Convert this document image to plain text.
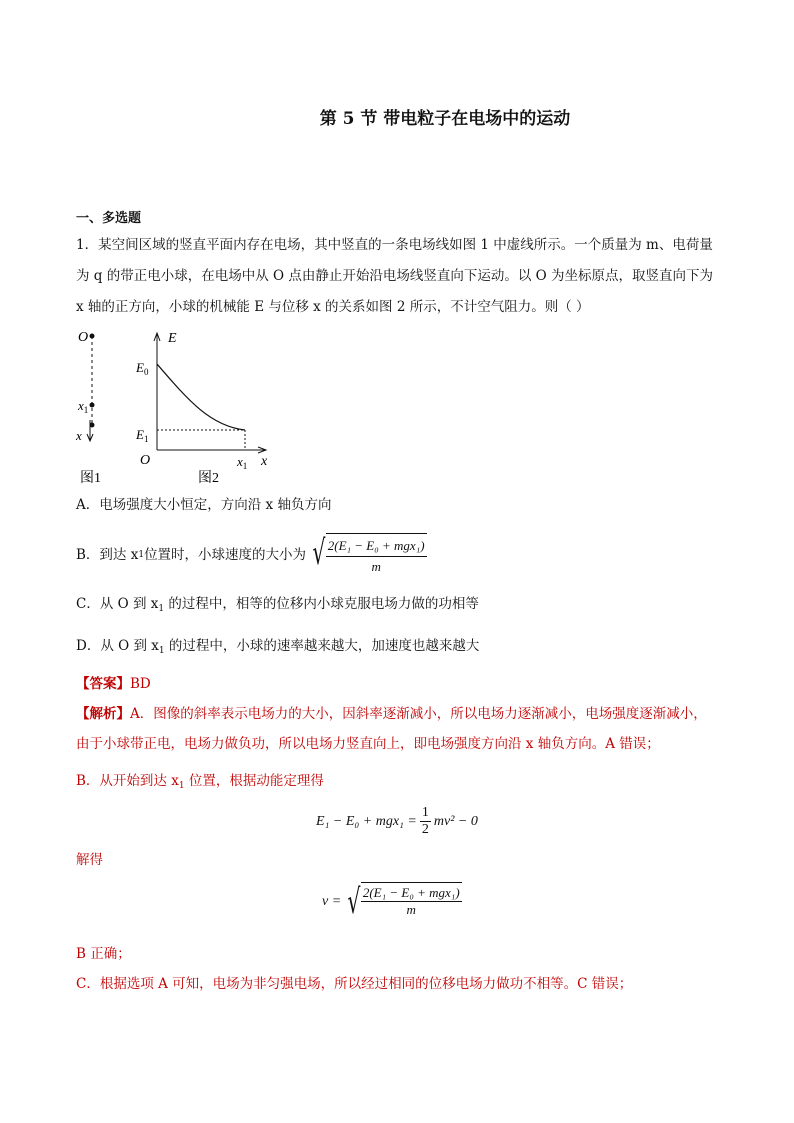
第 5 节 带电粒子在电场中的运动
一、多选题
1．某空间区域的竖直平面内存在电场，其中竖直的一条电场线如图 1 中虚线所示。一个质量为 m、电荷量
为 q 的带正电小球，在电场中从 O 点由静止开始沿电场线竖直向下运动。以 O 为坐标原点，取竖直向下为
x 轴的正方向，小球的机械能 E 与位移 x 的关系如图 2 所示，不计空气阻力。则（ ）
O
$x_1$
x
图1
E
$E_0$
$E_1$
O	$x_1$ x
图2
A．电场强度大小恒定，方向沿 x 轴负方向
B．到达 x 1 位置时，小球速度的大小为 √ $\frac{\text{2(E₁ − E₀ + mgx₁)}}{m}$
C．从 O 到 $x_1$ 的过程中，相等的位移内小球克服电场力做的功相等
D．从 O 到 $x_1$ 的过程中，小球的速率越来越大，加速度也越来越大
【答案】BD
【解析】A．图像的斜率表示电场力的大小，因斜率逐渐减小，所以电场力逐渐减小，电场强度逐渐减小，
由于小球带正电，电场力做负功，所以电场力竖直向上，即电场强度方向沿 x 轴负方向。A 错误；
B．从开始到达 $x_1$ 位置，根据动能定理得
$E_1 - E_0 + mgx_1 = \frac{1}{2} mv^2 - 0$
解得
v = √ $\frac{\text{2(E₁ − E₀ + mgx₁)}}{m}$
B 正确；
C．根据选项 A 可知，电场为非匀强电场，所以经过相同的位移电场力做功不相等。C 错误；
